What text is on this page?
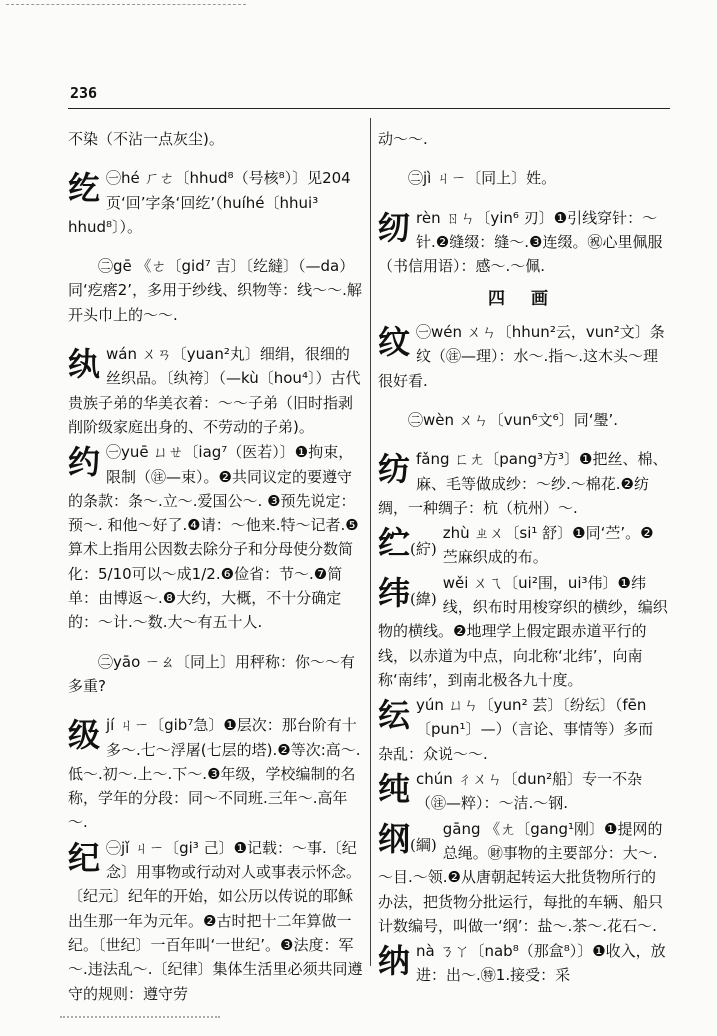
236

不染（不沾一点灰尘)。

纥 ㊀hé ㄏㄜ〔hhud⁸（号核⁸）〕见204页‘回’字条‘回纥’（huíhé〔hhui³ hhud⁸〕）。

㊁gē 《ㄜ〔gid⁷ 吉〕〔纥繨〕（—da）同‘疙瘩2’，多用于纱线、织物等：线～～.解开头巾上的～～.

纨 wán ㄨㄢ〔yuan²丸〕细绢，很细的丝织品。〔纨袴〕（—kù〔hou⁴〕）古代贵族子弟的华美衣着：～～子弟（旧时指剥削阶级家庭出身的、不劳动的子弟)。

约 ㊀yuē ㄩㄝ〔iag⁷（医若）〕❶拘束，限制（㊟—束）。❷共同议定的要遵守的条款：条～.立～.爱国公～. ❸预先说定：预～. 和他～好了.❹请：～他来.特～记者.❺算术上指用公因数去除分子和分母使分数简化：5/10可以～成1/2.❻俭省：节～.❼简单：由博返～.❽大约，大概，不十分确定的：～计.～数.大～有五十人.

㊁yāo ㄧㄠ〔同上〕用秤称：你～～有多重?

级 jí ㄐㄧ〔gib⁷急〕❶层次：那台阶有十多～.七～浮屠(七层的塔).❷等次:高～.低～.初～.上～.下～.❸年级，学校编制的名称，学年的分段：同～不同班.三年～.高年～.

纪 ㊀jǐ ㄐㄧ〔gi³ 己〕❶记载：～事.〔纪念〕用事物或行动对人或事表示怀念。〔纪元〕纪年的开始，如公历以传说的耶稣出生那一年为元年。❷古时把十二年算做一纪。〔世纪〕一百年叫‘一世纪’。❸法度：军～.违法乱～.〔纪律〕集体生活里必须共同遵守的规则：遵守劳

动～～.

㊁jì ㄐㄧ〔同上〕姓。

纫 rèn ㄖㄣ〔yin⁶ 刃〕❶引线穿针：～针.❷缝缀：缝～.❸连缀。㊗心里佩服（书信用语）：感～.～佩.

四 画
纹 ㊀wén ㄨㄣ〔hhun²云，vun²文〕条纹（㊟—理）：水～.指～.这木头～理很好看.

㊁wèn ㄨㄣ〔vun⁶文⁶〕同‘璺’.

纺 fǎng ㄈㄤ〔pang³方³〕❶把丝、棉、麻、毛等做成纱：～纱.～棉花.❷纺绸，一种绸子：杭（杭州）～.

纻(紵)

zhù ㄓㄨ〔si¹ 舒〕❶同‘苎’。❷苎麻织成的布。

纬(緯)

wěi ㄨㄟ〔ui²围，ui³伟〕❶纬线，织布时用梭穿织的横纱，编织物的横线。❷地理学上假定跟赤道平行的线，以赤道为中点，向北称‘北纬’，向南称‘南纬’，到南北极各九十度。

纭 yún ㄩㄣ〔yun² 芸〕〔纷纭〕（fēn〔pun¹〕—）（言论、事情等）多而杂乱：众说～～.

纯 chún ㄔㄨㄣ〔dun²船〕专一不杂（㊟—粹）：～洁.～钢.

纲(綱)

gāng 《ㄤ〔gang¹刚〕❶提网的总绳。㊖事物的主要部分：大～.～目.～领.❷从唐朝起转运大批货物所行的办法，把货物分批运行，每批的车辆、船只计数编号，叫做一‘纲’：盐～.茶～.花石～.

纳 nà ㄋㄚ〔nab⁸（那盒⁸）〕❶收入，放进：出～.㊕1.接受：采
